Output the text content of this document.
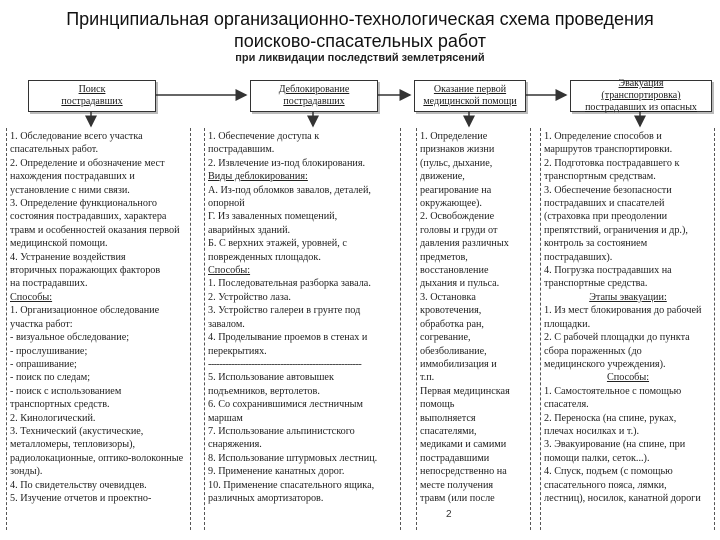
Принципиальная организационно-технологическая схема проведения
поисково-спасательных работ
при ликвидации последствий землетрясений
Поиск
пострадавших
Деблокирование
пострадавших
Оказание первой
медицинской помощи
Эвакуация
(транспортировка)
пострадавших из опасных
1. Обследование всего участка
спасательных работ.
2. Определение и обозначение мест
нахождения пострадавших и
установление с ними связи.
3. Определение функционального
состояния пострадавших, характера
травм и особенностей оказания первой
медицинской помощи.
4. Устранение воздействия
вторичных поражающих факторов
на пострадавших.
Способы:
1. Организационное обследование
участка работ:
- визуальное обследование;
- прослушивание;
- опрашивание;
- поиск по следам;
- поиск с использованием
транспортных средств.
2. Кинологический.
3. Технический (акустические,
металломеры, тепловизоры),
радиолокационные, оптико-волоконные
зонды).
4. По свидетельству очевидцев.
5. Изучение отчетов и проектно-
1. Обеспечение доступа к
пострадавшим.
2. Извлечение из-под блокирования.
Виды деблокирования:
А. Из-под обломков завалов, деталей,
опорной
Г. Из заваленных помещений,
аварийных зданий.
Б. С верхних этажей, уровней, с
поврежденных площадок.
Способы:
1. Последовательная разборка завала.
2. Устройство лаза.
3. Устройство галереи в грунте под
завалом.
4. Проделывание проемов в стенах и
перекрытиях.
-----------------------------------------------------
5. Использование автовышек
подъемников, вертолетов.
6. Со сохранившимися лестничным
маршам
7. Использование альпинистского
снаряжения.
8. Использование штурмовых лестниц.
9. Применение канатных дорог.
10. Применение спасательного ящика,
различных амортизаторов.
1. Определение
признаков жизни
(пульс, дыхание,
движение,
реагирование на
окружающее).
2. Освобождение
головы и груди от
давления различных
предметов,
восстановление
дыхания и пульса.
3. Остановка
кровотечения,
обработка ран,
согревание,
обезболивание,
иммобилизация и
т.п.
Первая медицинская
помощь
выполняется
спасателями,
медиками и самими
пострадавшими
непосредственно на
месте получения
травм (или после
1. Определение способов и
маршрутов транспортировки.
2. Подготовка пострадавшего к
транспортным средствам.
3. Обеспечение безопасности
пострадавших и спасателей
(страховка при преодолении
препятствий, ограничения и др.),
контроль за состоянием
пострадавших).
4. Погрузка пострадавших на
транспортные средства.
Этапы эвакуации:
1. Из мест блокирования до рабочей
площадки.
2. С рабочей площадки до пункта
сбора пораженных (до
медицинского учреждения).
Способы:
1. Самостоятельное с помощью
спасателя.
2. Переноска (на спине, руках,
плечах носилках и т.).
3. Эвакуирование (на спине, при
помощи палки, сеток...).
4. Спуск, подъем (с помощью
спасательного пояса, лямки,
лестниц), носилок, канатной дороги
2
